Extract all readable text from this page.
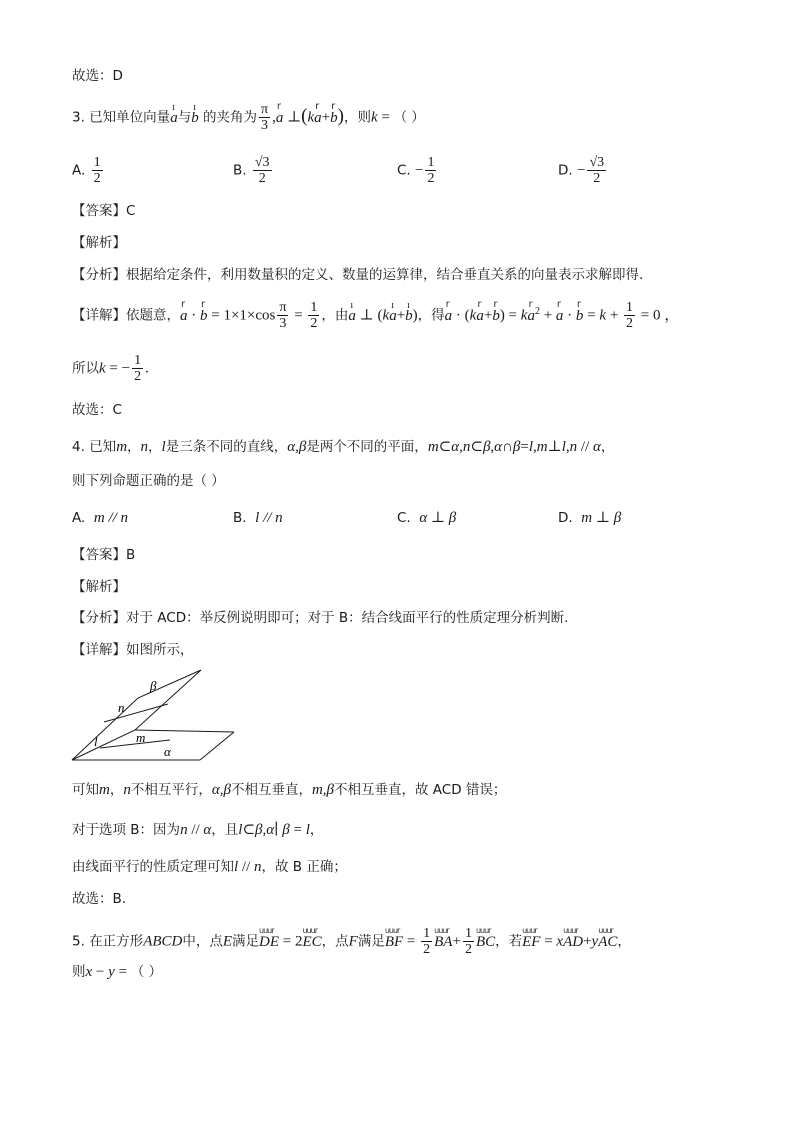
故选：D
3. 已知单位向量ı a与ı b 的夹角为 $\frac{\pi}{3} ,r$ a ⊥(kr a+r b)，则k = （ ）
A. $\frac{1}{2}$	B. $\frac{√3}{2}$	C. − $\frac{1}{2}$	D. − $\frac{√3}{2}$
【答案】C
【解析】
【分析】根据给定条件，利用数量积的定义、数量的运算律，结合垂直关系的向量表示求解即得.
【详解】依题意，r a · r $b = 1\times 1\times\cos \frac{\pi}{3} = \frac{1}{2}$ ，由ı a ⊥ (kı a+ı b)，得r a · (kr a+r b) = kr $a^2 + r$ a · r $b = k + \frac{1}{2} = 0$ ，
所以k = − $\frac{1}{2}$ .
故选：C
4. 已知m，n，l是三条不同的直线，α,β是两个不同的平面，m⊂α,n⊂β,α∩β=l,m⊥l,n // α，
则下列命题正确的是（ ）
A. m // n	B. l // n	C. α ⊥ β	D. m ⊥ β
【答案】B
【解析】
【分析】对于 ACD：举反例说明即可；对于 B：结合线面平行的性质定理分析判断.
【详解】如图所示，
β
n
l	m
α
可知m，n不相互平行，α,β不相互垂直，m,β不相互垂直，故 ACD 错误；
对于选项 B：因为n // α，且l⊂β,α∣ β = l，
由线面平行的性质定理可知l // n，故 B 正确；
故选：B.
5. 在正方形ABCD中，点E满足uuur DE = 2uuur EC，点F满足uuur BF = $\frac{1}{2}$ uuur $BA+ \frac{1}{2}$ uuur BC，若uuur EF = xuuur AD+yuuur AC，
则x − y = （ ）
